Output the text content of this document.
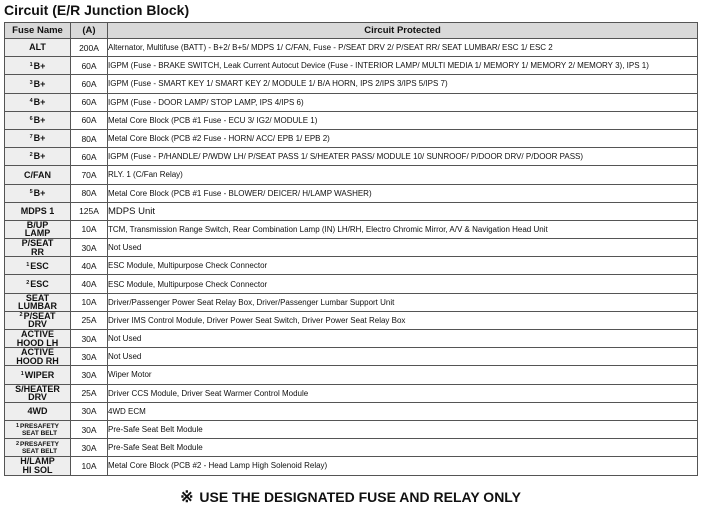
Circuit (E/R Junction Block)
Fuse Name	(A)	Circuit Protected
ALT	200A	Alternator, Multifuse (BATT) - B+2/ B+5/ MDPS 1/ C/FAN, Fuse - P/SEAT DRV 2/ P/SEAT RR/ SEAT LUMBAR/ ESC 1/ ESC 2
$^1$B+	60A	IGPM (Fuse - BRAKE SWITCH, Leak Current Autocut Device (Fuse - INTERIOR LAMP/ MULTI MEDIA 1/ MEMORY 1/ MEMORY 2/ MEMORY 3), IPS 1)
$^3$B+	60A	IGPM (Fuse - SMART KEY 1/ SMART KEY 2/ MODULE 1/ B/A HORN, IPS 2/IPS 3/IPS 5/IPS 7)
$^4$B+	60A	IGPM (Fuse - DOOR LAMP/ STOP LAMP, IPS 4/IPS 6)
$^6$B+	60A	Metal Core Block (PCB #1 Fuse - ECU 3/ IG2/ MODULE 1)
$^7$B+	80A	Metal Core Block (PCB #2 Fuse - HORN/ ACC/ EPB 1/ EPB 2)
$^2$B+	60A	IGPM (Fuse - P/HANDLE/ P/WDW LH/ P/SEAT PASS 1/ S/HEATER PASS/ MODULE 10/ SUNROOF/ P/DOOR DRV/ P/DOOR PASS)
C/FAN	70A	RLY. 1 (C/Fan Relay)
$^5$B+	80A	Metal Core Block (PCB #1 Fuse - BLOWER/ DEICER/ H/LAMP WASHER)
MDPS 1	125A	MDPS Unit
B/UP
LAMP	10A	TCM, Transmission Range Switch, Rear Combination Lamp (IN) LH/RH, Electro Chromic Mirror, A/V & Navigation Head Unit
P/SEAT
RR	30A	Not Used
$^1$ESC	40A	ESC Module, Multipurpose Check Connector
$^2$ESC	40A	ESC Module, Multipurpose Check Connector
SEAT
LUMBAR	10A	Driver/Passenger Power Seat Relay Box, Driver/Passenger Lumbar Support Unit
$^2$P/SEAT
DRV	25A	Driver IMS Control Module, Driver Power Seat Switch, Driver Power Seat Relay Box
ACTIVE
HOOD LH	30A	Not Used
ACTIVE
HOOD RH	30A	Not Used
$^1$WIPER	30A	Wiper Motor
S/HEATER
DRV	25A	Driver CCS Module, Driver Seat Warmer Control Module
4WD	30A	4WD ECM
$^1$PRESAFETY
SEAT BELT	30A	Pre-Safe Seat Belt Module
$^2$PRESAFETY
SEAT BELT	30A	Pre-Safe Seat Belt Module
H/LAMP
HI SOL	10A	Metal Core Block (PCB #2 - Head Lamp High Solenoid Relay)
※ USE THE DESIGNATED FUSE AND RELAY ONLY
